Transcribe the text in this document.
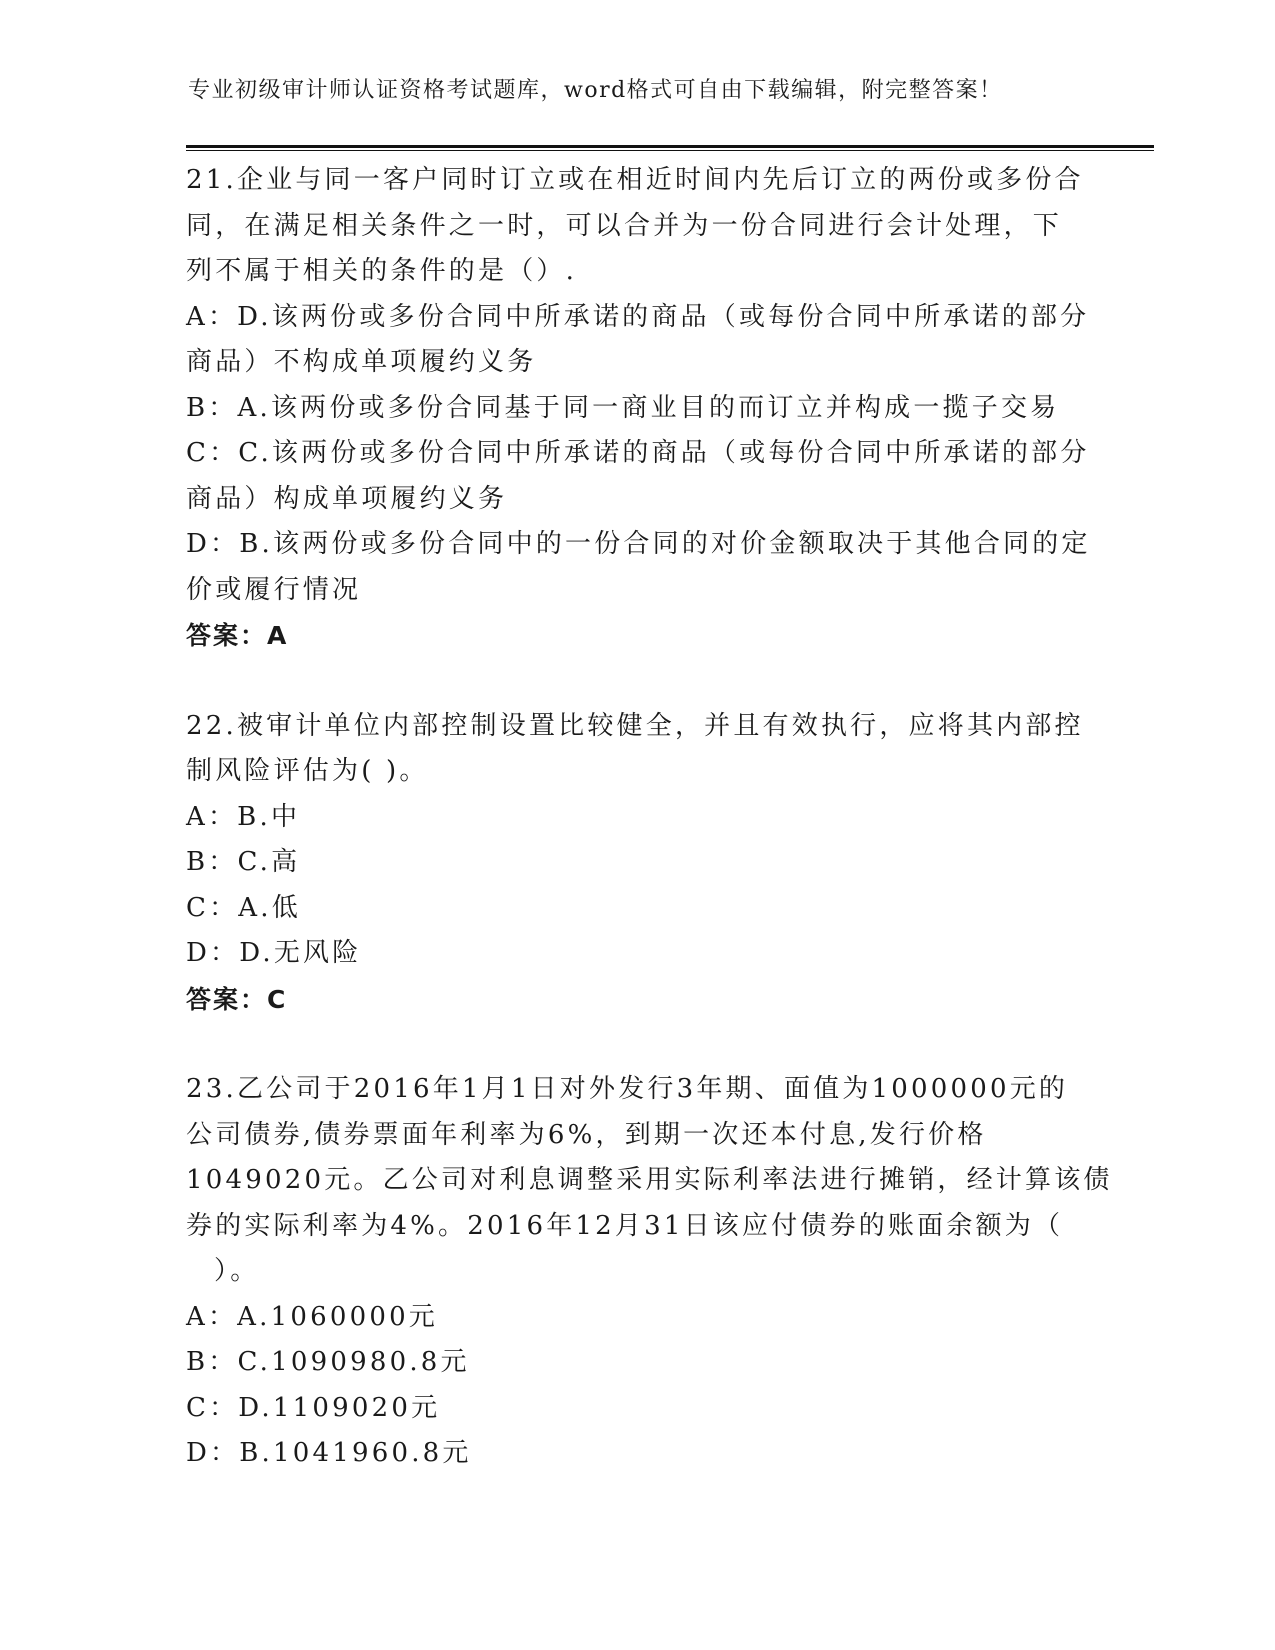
专业初级审计师认证资格考试题库，word格式可自由下载编辑，附完整答案！
21.企业与同一客户同时订立或在相近时间内先后订立的两份或多份合
同，在满足相关条件之一时，可以合并为一份合同进行会计处理，下
列不属于相关的条件的是（）.
A：D.该两份或多份合同中所承诺的商品（或每份合同中所承诺的部分
商品）不构成单项履约义务
B：A.该两份或多份合同基于同一商业目的而订立并构成一揽子交易
C：C.该两份或多份合同中所承诺的商品（或每份合同中所承诺的部分
商品）构成单项履约义务
D：B.该两份或多份合同中的一份合同的对价金额取决于其他合同的定
价或履行情况
答案：A
22.被审计单位内部控制设置比较健全，并且有效执行，应将其内部控
制风险评估为( )。
A：B.中
B：C.高
C：A.低
D：D.无风险
答案：C
23.乙公司于2016年1月1日对外发行3年期、面值为1000000元的
公司债券,债券票面年利率为6%，到期一次还本付息,发行价格
1049020元。乙公司对利息调整采用实际利率法进行摊销，经计算该债
券的实际利率为4%。2016年12月31日该应付债券的账面余额为（
）。
A：A.1060000元
B：C.1090980.8元
C：D.1109020元
D：B.1041960.8元
